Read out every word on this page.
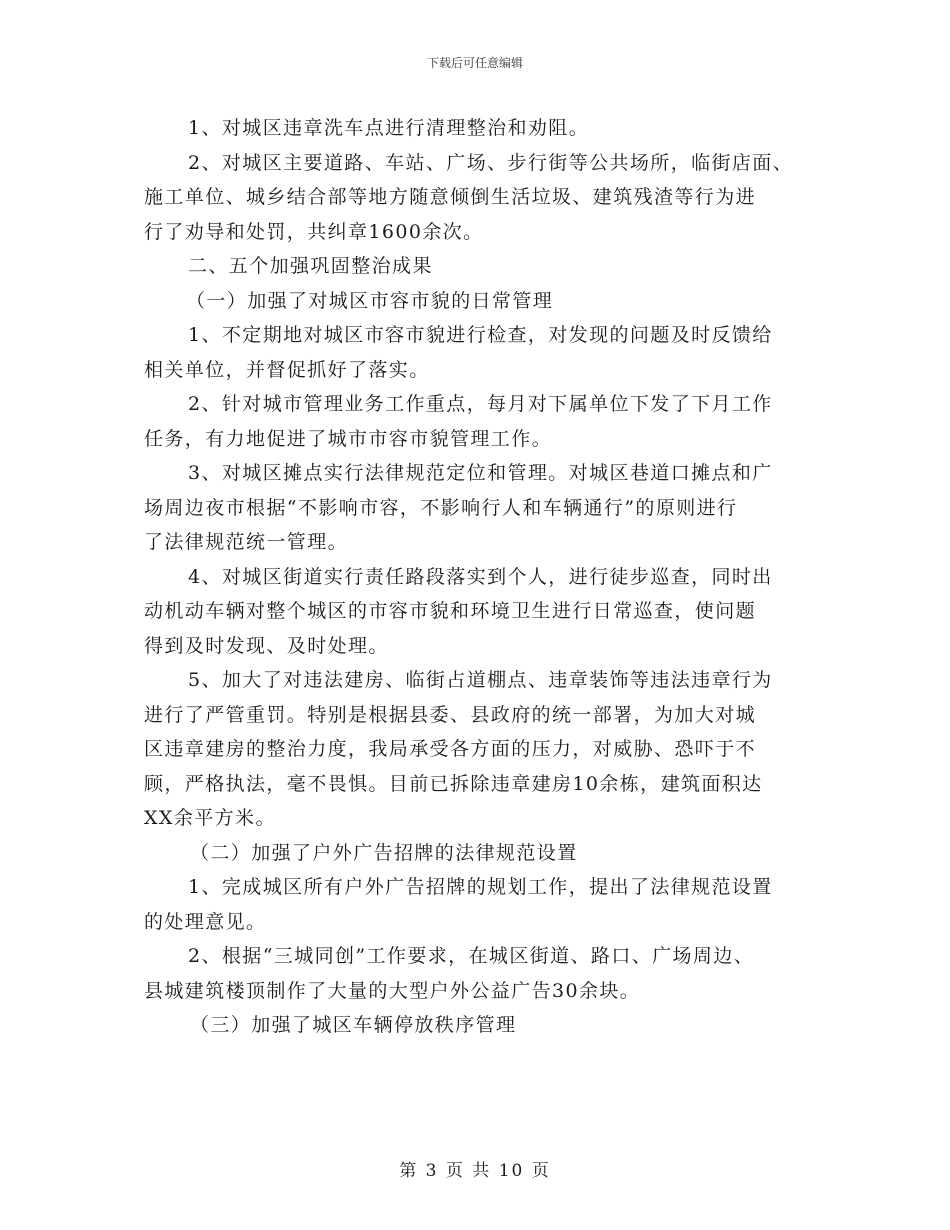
下载后可任意编辑

1、对城区违章洗车点进行清理整治和劝阻。

2、对城区主要道路、车站、广场、步行街等公共场所，临街店面、

施工单位、城乡结合部等地方随意倾倒生活垃圾、建筑残渣等行为进

行了劝导和处罚，共纠章1600余次。

二、五个加强巩固整治成果

（一）加强了对城区市容市貌的日常管理

1、不定期地对城区市容市貌进行检查，对发现的问题及时反馈给

相关单位，并督促抓好了落实。

2、针对城市管理业务工作重点，每月对下属单位下发了下月工作

任务，有力地促进了城市市容市貌管理工作。

3、对城区摊点实行法律规范定位和管理。对城区巷道口摊点和广

场周边夜市根据“不影响市容，不影响行人和车辆通行”的原则进行

了法律规范统一管理。

4、对城区街道实行责任路段落实到个人，进行徒步巡查，同时出

动机动车辆对整个城区的市容市貌和环境卫生进行日常巡查，使问题

得到及时发现、及时处理。

5、加大了对违法建房、临街占道棚点、违章装饰等违法违章行为

进行了严管重罚。特别是根据县委、县政府的统一部署，为加大对城

区违章建房的整治力度，我局承受各方面的压力，对威胁、恐吓于不

顾，严格执法，毫不畏惧。目前已拆除违章建房10余栋，建筑面积达

XX余平方米。

（二）加强了户外广告招牌的法律规范设置

1、完成城区所有户外广告招牌的规划工作，提出了法律规范设置

的处理意见。

2、根据“三城同创”工作要求，在城区街道、路口、广场周边、

县城建筑楼顶制作了大量的大型户外公益广告30余块。

（三）加强了城区车辆停放秩序管理

第 3 页 共 10 页
